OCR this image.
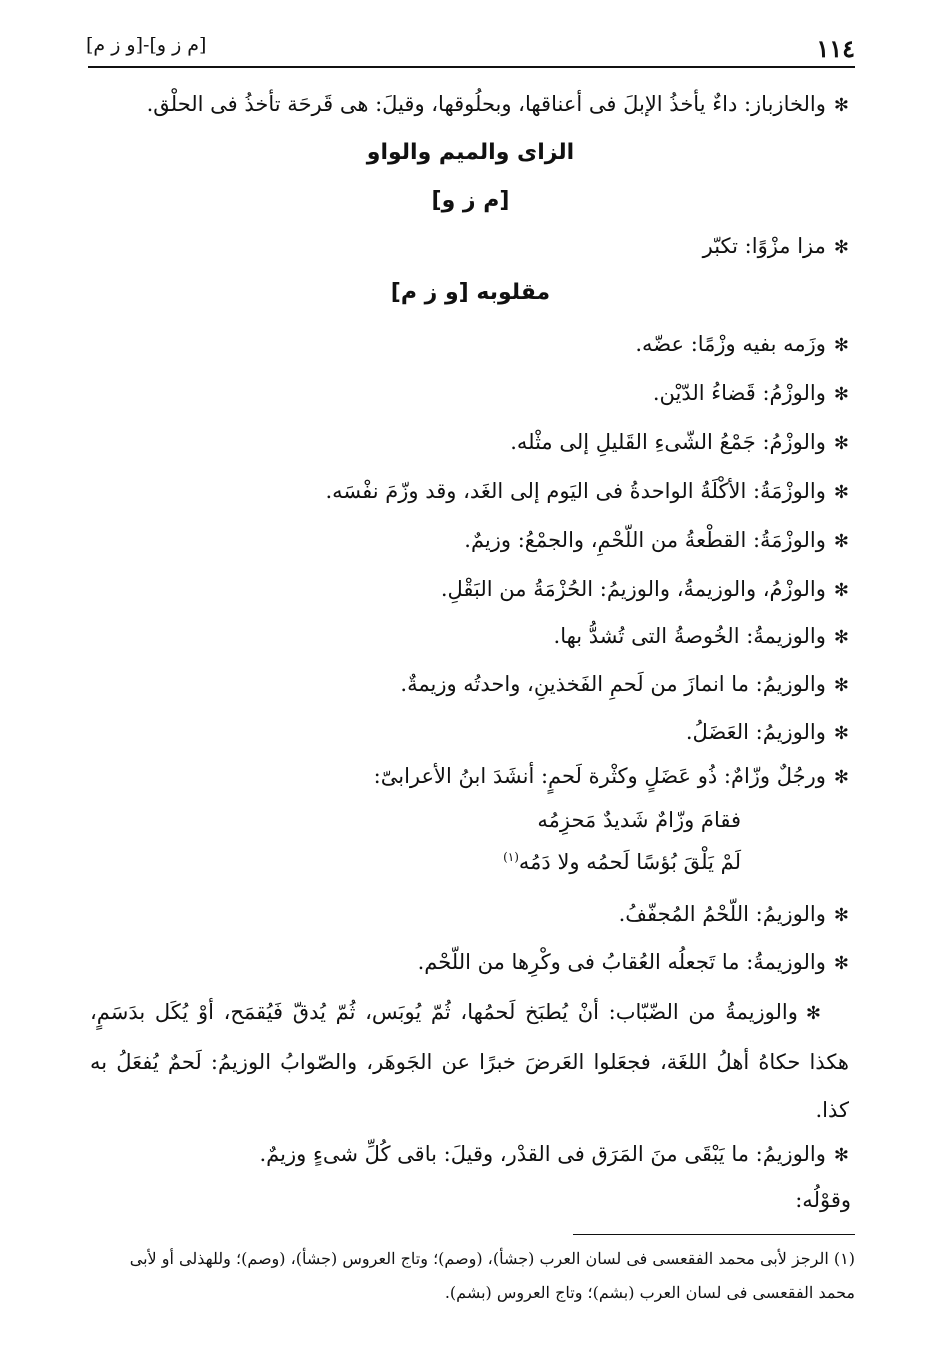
١١٤
[م ز و]-[و ز م]
✻والخازباز: داءٌ يأخذُ الإبلَ فى أعناقها، وبحلُوقها، وقيلَ: هى قَرحَة تأخذُ فى الحلْق.
الزاى والميم والواو
[م ز و]
✻مزا مزْوًا: تكبّر
مقلوبه [و ز م]
✻وزَمه بفيه وزْمًا: عضّه.
✻والوزْمُ: قَضاءُ الدّيْن.
✻والوزْمُ: جَمْعُ الشّىءِ القَليلِ إلى مثْله.
✻والوزْمَةُ: الأكْلَةُ الواحدةُ فى اليَوم إلى الغَد، وقد وزّمَ نفْسَه.
✻والوزْمَةُ: القطْعةُ من اللّحْمِ، والجمْعُ: وزيمٌ.
✻والوزْمُ، والوزيمةُ، والوزيمُ: الحُزْمَةُ من البَقْلِ.
✻والوزيمةُ: الخُوصةُ التى تُشدُّ بها.
✻والوزيمُ: ما انمازَ من لَحمِ الفَخذينِ، واحدتُه وزيمةٌ.
✻والوزيمُ: العَضَلُ.
✻ورجُلٌ وزّامٌ: ذُو عَضَلٍ وكثْرة لَحمٍ: أنشَدَ ابنُ الأعرابىّ:
فقامَ وزّامٌ شَديدٌ مَحزِمُه
لَمْ يَلْقَ بُؤسًا لَحمُه ولا دَمُه$^{(١)}$
✻والوزيمُ: اللّحْمُ المُجفّفُ.
✻والوزيمةُ: ما تَجعلُه العُقابُ فى وكْرِها من اللّحْم.
✻والوزيمةُ من الضّبّاب: أنْ يُطبَخ لَحمُها، ثُمّ يُوبَس، ثُمّ يُدقّ فَيُقمَح، أوْ يُكَل بدَسَمٍ، هكذا حكاهُ أهلُ اللغَة، فجعَلوا العَرضَ خبرًا عن الجَوهَر، والصّوابُ الوزيمُ: لَحمٌ يُفعَلُ به كذا.
✻والوزيمُ: ما يَبْقَى منَ المَرَق فى القدْر، وقيلَ: باقى كُلِّ شىءٍ وزيمٌ.
وقوْلُه:
(١) الرجز لأبى محمد الفقعسى فى لسان العرب (جشأ)، (وصم)؛ وتاج العروس (جشأ)، (وصم)؛ وللهذلى أو لأبى محمد الفقعسى فى لسان العرب (بشم)؛ وتاج العروس (بشم).
